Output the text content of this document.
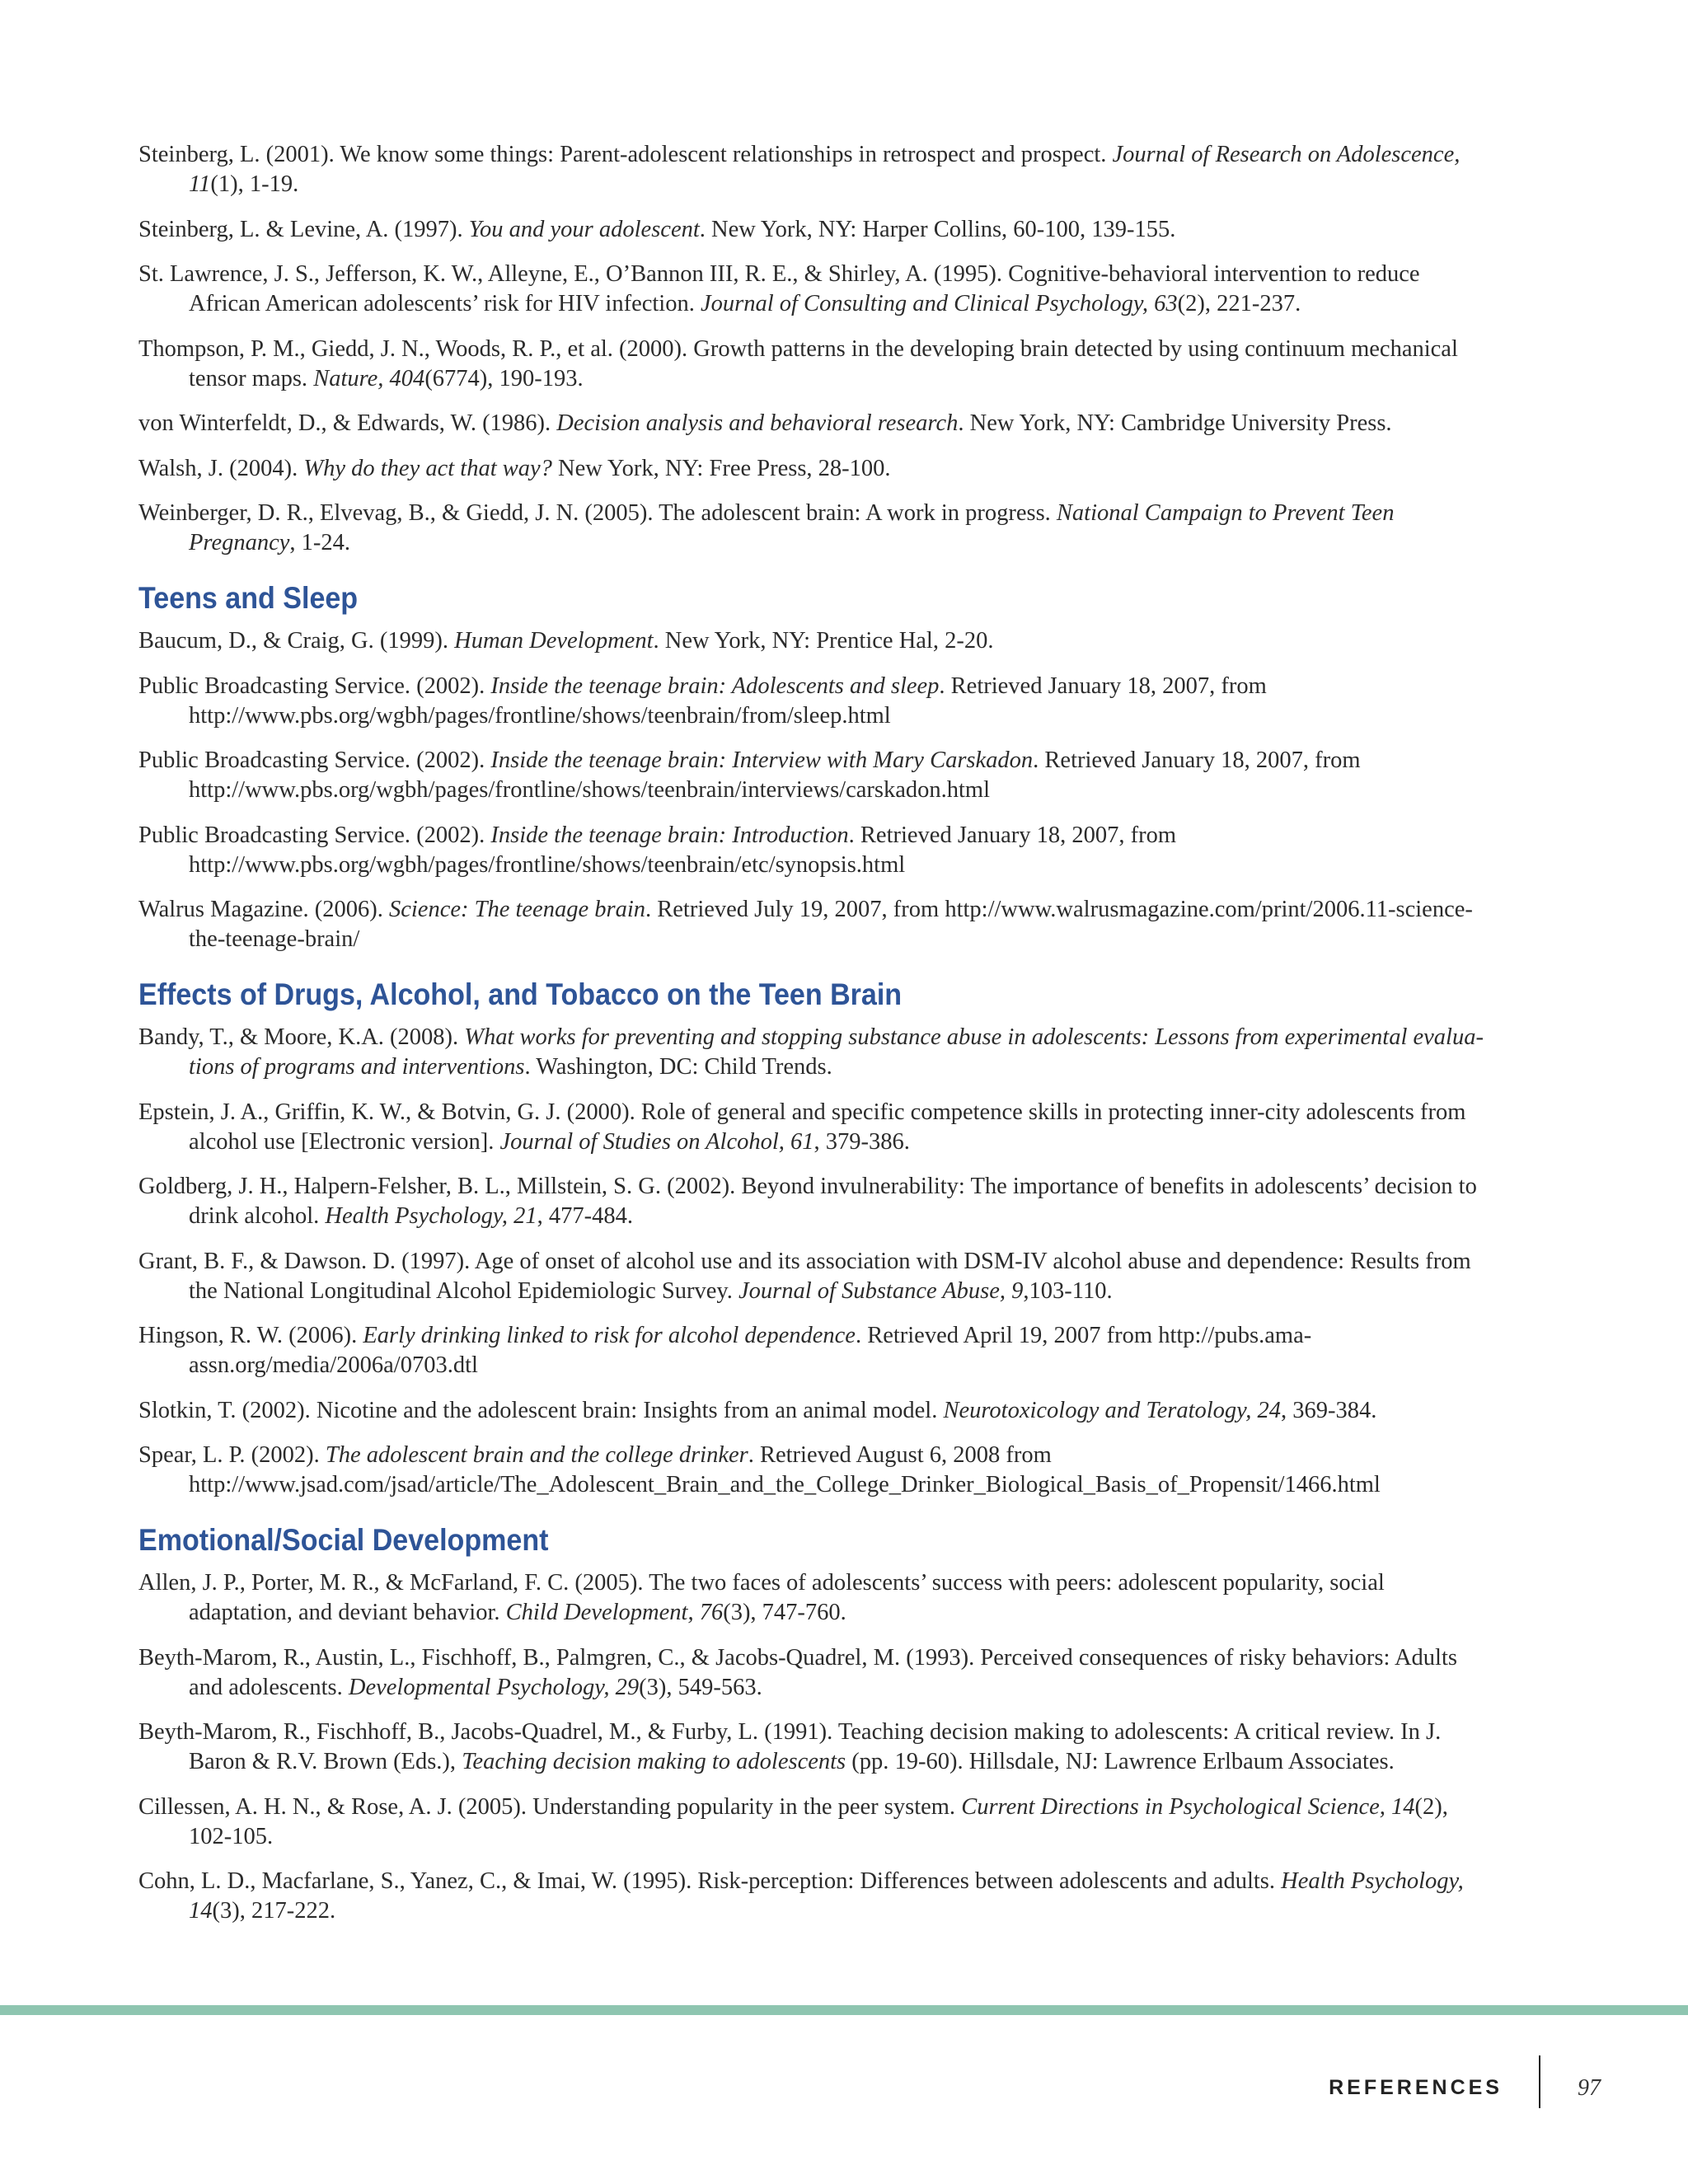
Steinberg, L. (2001). We know some things: Parent-adolescent relationships in retrospect and prospect. Journal of Research on Adolescence, 11(1), 1-19.

Steinberg, L. & Levine, A. (1997). You and your adolescent. New York, NY: Harper Collins, 60-100, 139-155.

St. Lawrence, J. S., Jefferson, K. W., Alleyne, E., O’Bannon III, R. E., & Shirley, A. (1995). Cognitive-behavioral intervention to reduce African American adolescents’ risk for HIV infection. Journal of Consulting and Clinical Psychology, 63(2), 221-237.

Thompson, P. M., Giedd, J. N., Woods, R. P., et al. (2000). Growth patterns in the developing brain detected by using continuum mechanical tensor maps. Nature, 404(6774), 190-193.

von Winterfeldt, D., & Edwards, W. (1986). Decision analysis and behavioral research. New York, NY: Cambridge University Press.

Walsh, J. (2004). Why do they act that way? New York, NY: Free Press, 28-100.

Weinberger, D. R., Elvevag, B., & Giedd, J. N. (2005). The adolescent brain: A work in progress. National Campaign to Prevent Teen Pregnancy, 1-24.

Teens and Sleep

Baucum, D., & Craig, G. (1999). Human Development. New York, NY: Prentice Hal, 2-20.

Public Broadcasting Service. (2002). Inside the teenage brain: Adolescents and sleep. Retrieved January 18, 2007, from http://www.pbs.org/wgbh/pages/frontline/shows/teenbrain/from/sleep.html

Public Broadcasting Service. (2002). Inside the teenage brain: Interview with Mary Carskadon. Retrieved January 18, 2007, from http://www.pbs.org/wgbh/pages/frontline/shows/teenbrain/interviews/carskadon.html

Public Broadcasting Service. (2002). Inside the teenage brain: Introduction. Retrieved January 18, 2007, from http://www.pbs.org/wgbh/pages/frontline/shows/teenbrain/etc/synopsis.html

Walrus Magazine. (2006). Science: The teenage brain. Retrieved July 19, 2007, from http://www.walrusmagazine.com/print/2006.11-science-the-teenage-brain/

Effects of Drugs, Alcohol, and Tobacco on the Teen Brain

Bandy, T., & Moore, K.A. (2008). What works for preventing and stopping substance abuse in adolescents: Lessons from experimental evaluations of programs and interventions. Washington, DC: Child Trends.

Epstein, J. A., Griffin, K. W., & Botvin, G. J. (2000). Role of general and specific competence skills in protecting inner-city adolescents from alcohol use [Electronic version]. Journal of Studies on Alcohol, 61, 379-386.

Goldberg, J. H., Halpern-Felsher, B. L., Millstein, S. G. (2002). Beyond invulnerability: The importance of benefits in adolescents’ decision to drink alcohol. Health Psychology, 21, 477-484.

Grant, B. F., & Dawson. D. (1997). Age of onset of alcohol use and its association with DSM-IV alcohol abuse and dependence: Results from the National Longitudinal Alcohol Epidemiologic Survey. Journal of Substance Abuse, 9,103-110.

Hingson, R. W. (2006). Early drinking linked to risk for alcohol dependence. Retrieved April 19, 2007 from http://pubs.ama-assn.org/media/2006a/0703.dtl

Slotkin, T. (2002). Nicotine and the adolescent brain: Insights from an animal model. Neurotoxicology and Teratology, 24, 369-384.

Spear, L. P. (2002). The adolescent brain and the college drinker. Retrieved August 6, 2008 from http://www.jsad.com/jsad/article/The_Adolescent_Brain_and_the_College_Drinker_Biological_Basis_of_Propensit/1466.html

Emotional/Social Development

Allen, J. P., Porter, M. R., & McFarland, F. C. (2005). The two faces of adolescents’ success with peers: adolescent popularity, social adaptation, and deviant behavior. Child Development, 76(3), 747-760.

Beyth-Marom, R., Austin, L., Fischhoff, B., Palmgren, C., & Jacobs-Quadrel, M. (1993). Perceived consequences of risky behaviors: Adults and adolescents. Developmental Psychology, 29(3), 549-563.

Beyth-Marom, R., Fischhoff, B., Jacobs-Quadrel, M., & Furby, L. (1991). Teaching decision making to adolescents: A critical review. In J. Baron & R.V. Brown (Eds.), Teaching decision making to adolescents (pp. 19-60). Hillsdale, NJ: Lawrence Erlbaum Associates.

Cillessen, A. H. N., & Rose, A. J. (2005). Understanding popularity in the peer system. Current Directions in Psychological Science, 14(2), 102-105.

Cohn, L. D., Macfarlane, S., Yanez, C., & Imai, W. (1995). Risk-perception: Differences between adolescents and adults. Health Psychology, 14(3), 217-222.

REFERENCES	97
